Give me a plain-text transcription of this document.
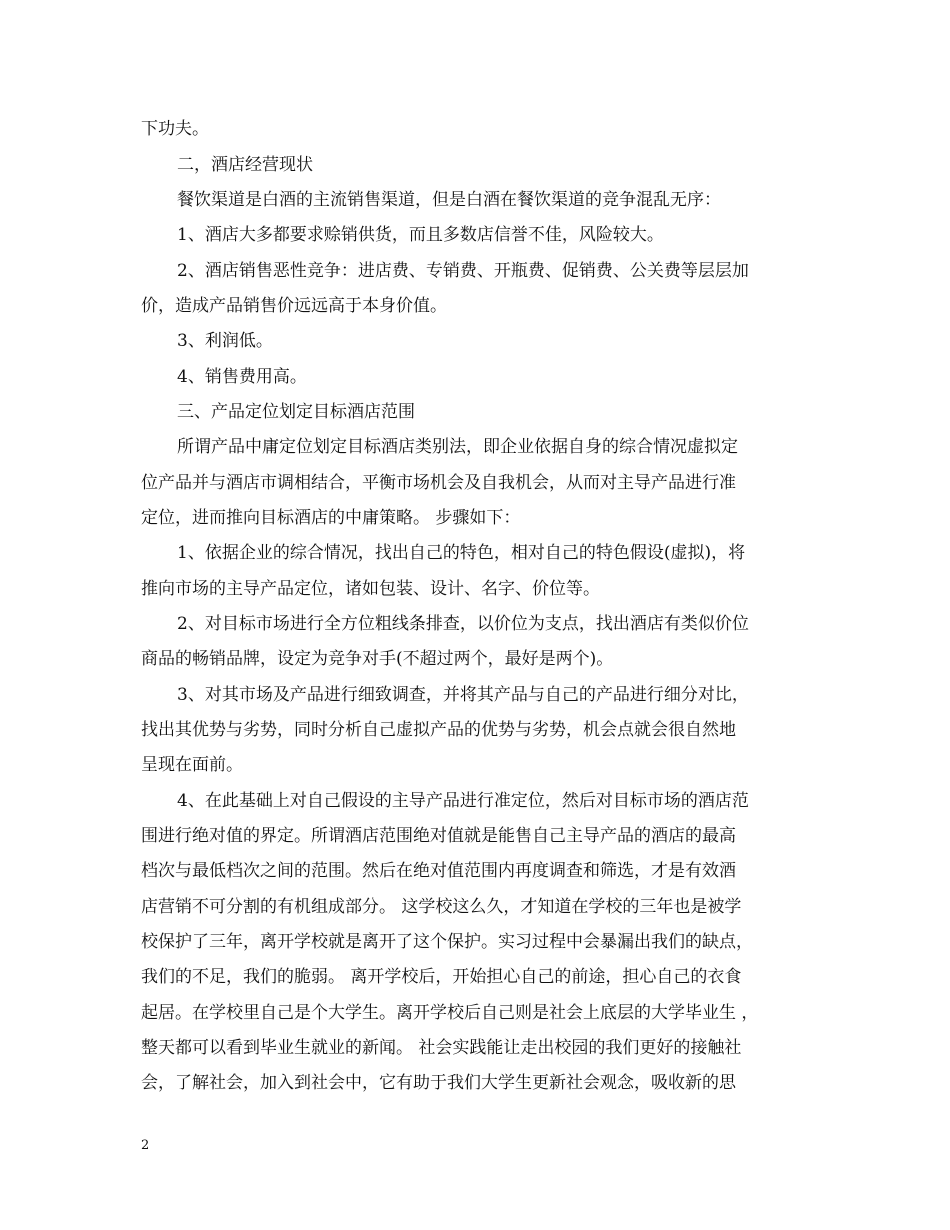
下功夫。
二，酒店经营现状
餐饮渠道是白酒的主流销售渠道，但是白酒在餐饮渠道的竞争混乱无序：
1、酒店大多都要求赊销供货，而且多数店信誉不佳，风险较大。
2、酒店销售恶性竞争：进店费、专销费、开瓶费、促销费、公关费等层层加
价，造成产品销售价远远高于本身价值。
3、利润低。
4、销售费用高。
三、产品定位划定目标酒店范围
所谓产品中庸定位划定目标酒店类别法，即企业依据自身的综合情况虚拟定
位产品并与酒店市调相结合，平衡市场机会及自我机会，从而对主导产品进行准
定位，进而推向目标酒店的中庸策略。 步骤如下：
1、依据企业的综合情况，找出自己的特色，相对自己的特色假设(虚拟)，将
推向市场的主导产品定位，诸如包装、设计、名字、价位等。
2、对目标市场进行全方位粗线条排查，以价位为支点，找出酒店有类似价位
商品的畅销品牌，设定为竞争对手(不超过两个，最好是两个)。
3、对其市场及产品进行细致调查，并将其产品与自己的产品进行细分对比，
找出其优势与劣势，同时分析自己虚拟产品的优势与劣势，机会点就会很自然地
呈现在面前。
4、在此基础上对自己假设的主导产品进行准定位，然后对目标市场的酒店范
围进行绝对值的界定。所谓酒店范围绝对值就是能售自己主导产品的酒店的最高
档次与最低档次之间的范围。然后在绝对值范围内再度调查和筛选，才是有效酒
店营销不可分割的有机组成部分。 这学校这么久，才知道在学校的三年也是被学
校保护了三年，离开学校就是离开了这个保护。实习过程中会暴漏出我们的缺点，
我们的不足，我们的脆弱。 离开学校后，开始担心自己的前途，担心自己的衣食
起居。在学校里自己是个大学生。离开学校后自己则是社会上底层的大学毕业生 ，
整天都可以看到毕业生就业的新闻。 社会实践能让走出校园的我们更好的接触社
会，了解社会，加入到社会中，它有助于我们大学生更新社会观念，吸收新的思
2
